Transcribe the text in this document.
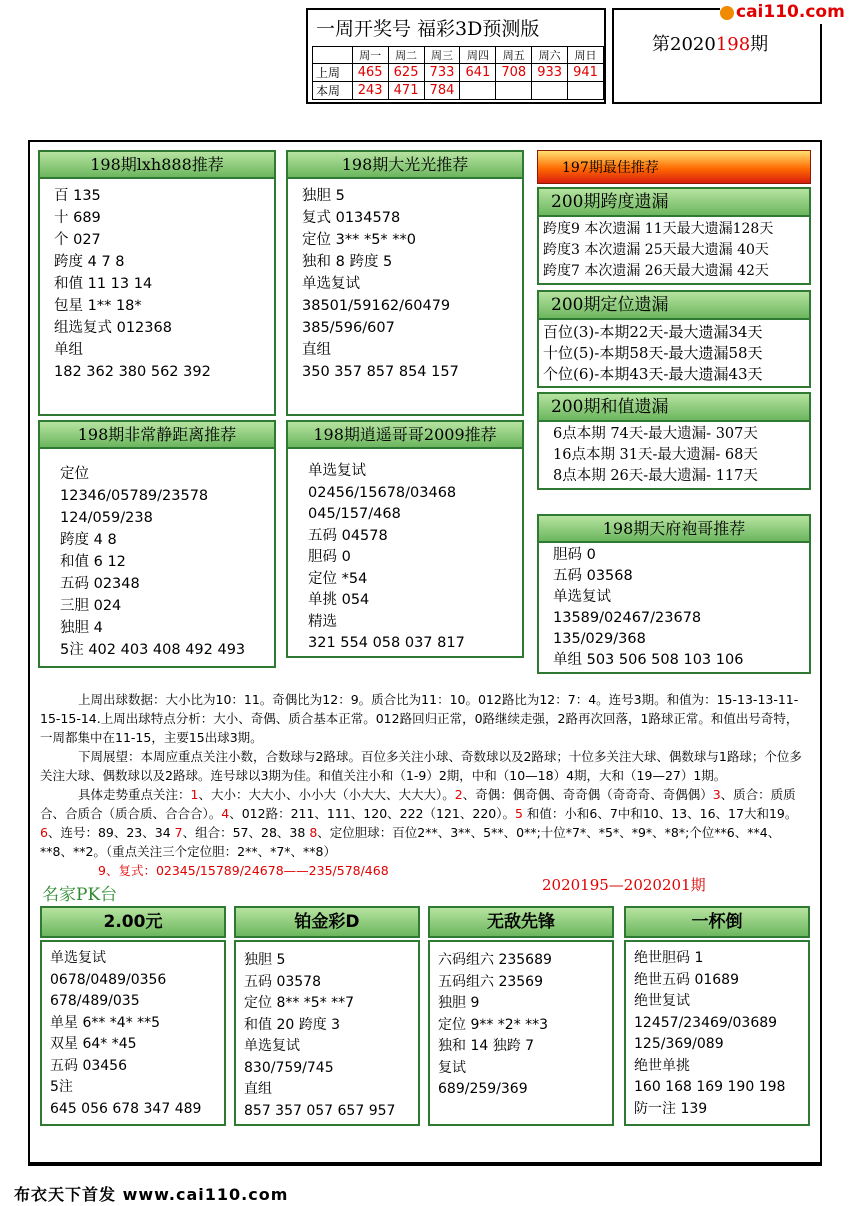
一周开奖号 福彩3D预测版
	周一	周二	周三	周四	周五	周六	周日
上周	465	625	733	641	708	933	941
本周	243	471	784				
第2020198期
cai110.com
198期lxh888推荐
百 135
十 689
个 027
跨度 4 7 8
和值 11 13 14
包星 1** 18*
组选复式 012368
单组
182 362 380 562 392
198期大光光推荐
独胆 5
复式 0134578
定位 3** *5* **0
独和 8 跨度 5
单选复试
38501/59162/60479
385/596/607
直组
350 357 857 854 157
198期非常静距离推荐
定位
12346/05789/23578
124/059/238
跨度 4 8
和值 6 12
五码 02348
三胆 024
独胆 4
5注 402 403 408 492 493
198期逍遥哥哥2009推荐
单选复试
02456/15678/03468
045/157/468
五码 04578
胆码 0
定位 *54
单挑 054
精选
321 554 058 037 817
197期最佳推荐
200期跨度遗漏
跨度9 本次遗漏 11天最大遗漏128天
跨度3 本次遗漏 25天最大遗漏 40天
跨度7 本次遗漏 26天最大遗漏 42天
200期定位遗漏
百位(3)-本期22天-最大遗漏34天
十位(5)-本期58天-最大遗漏58天
个位(6)-本期43天-最大遗漏43天
200期和值遗漏
6点本期 74天-最大遗漏- 307天
16点本期 31天-最大遗漏- 68天
8点本期 26天-最大遗漏- 117天
198期天府袍哥推荐
胆码 0
五码 03568
单选复试
13589/02467/23678
135/029/368
单组 503 506 508 103 106

上周出球数据：大小比为10：11。奇偶比为12：9。质合比为11：10。012路比为12：7：4。连号3期。和值为：15-13-13-11-15-15-14.上周出球特点分析：大小、奇偶、质合基本正常。012路回归正常，0路继续走强，2路再次回落，1路球正常。和值出号奇特，一周都集中在11-15，主要15出球3期。

下周展望：本周应重点关注小数，合数球与2路球。百位多关注小球、奇数球以及2路球；十位多关注大球、偶数球与1路球；个位多关注大球、偶数球以及2路球。连号球以3期为佳。和值关注小和（1-9）2期，中和（10—18）4期，大和（19—27）1期。

具体走势重点关注：1、大小：大大小、小小大（小大大、大大大）。2、奇偶：偶奇偶、奇奇偶（奇奇奇、奇偶偶）3、质合：质质合、合质合（质合质、合合合）。4、012路：211、111、120、222（121、220）。5 和值：小和6、7中和10、13、16、17大和19。6、连号：89、23、34 7、组合：57、28、38 8、定位胆球：百位2**、3**、5**、0**;十位*7*、*5*、*9*、*8*;个位**6、**4、**8、**2。（重点关注三个定位胆：2**、*7*、**8）

9、复式：02345/15789/24678——235/578/468
名家PK台	2020195—2020201期
2.00元
单选复试
0678/0489/0356
678/489/035
单星 6** *4* **5
双星 64* *45
五码 03456
5注
645 056 678 347 489
铂金彩D
独胆 5
五码 03578
定位 8** *5* **7
和值 20 跨度 3
单选复试
830/759/745
直组
857 357 057 657 957
无敌先锋
六码组六 235689
五码组六 23569
独胆 9
定位 9** *2* **3
独和 14 独跨 7
复试
689/259/369
一杯倒
绝世胆码 1
绝世五码 01689
绝世复试
12457/23469/03689
125/369/089
绝世单挑
160 168 169 190 198
防一注 139
布衣天下首发 www.cai110.com
